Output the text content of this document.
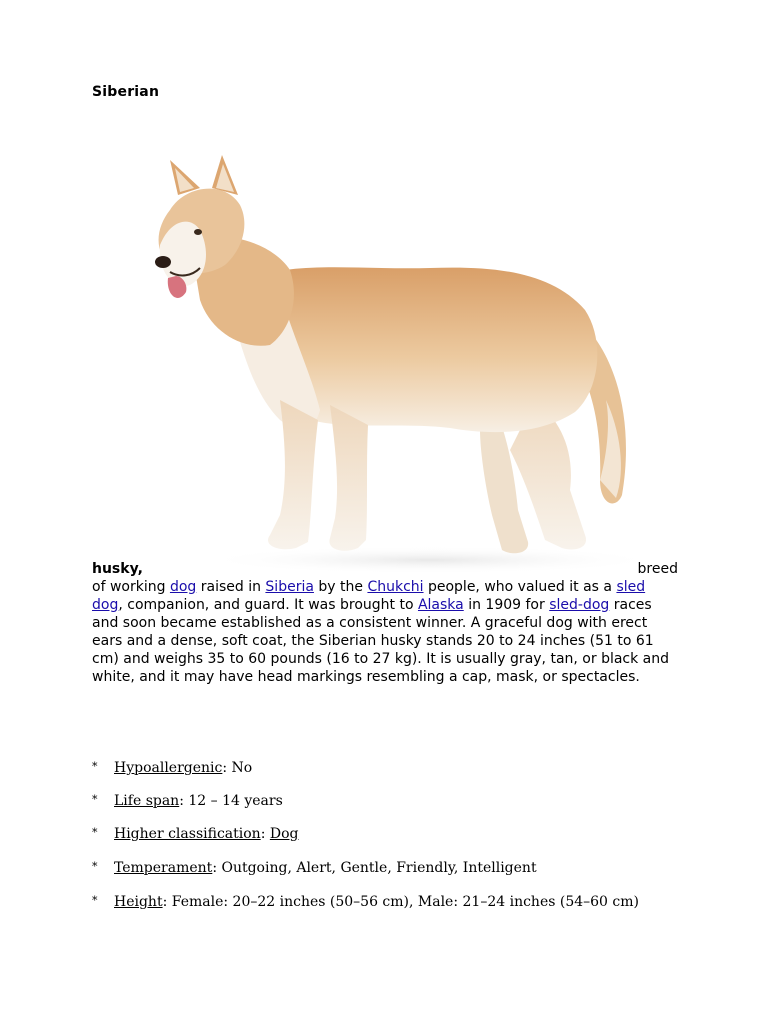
Siberian
husky,	breed
of working dog raised in Siberia by the Chukchi people, who valued it as a sled
dog, companion, and guard. It was brought to Alaska in 1909 for sled-dog races
and soon became established as a consistent winner. A graceful dog with erect
ears and a dense, soft coat, the Siberian husky stands 20 to 24 inches (51 to 61
cm) and weighs 35 to 60 pounds (16 to 27 kg). It is usually gray, tan, or black and
white, and it may have head markings resembling a cap, mask, or spectacles.
* Hypoallergenic: No
* Life span: 12 – 14 years
* Higher classification: Dog
* Temperament: Outgoing, Alert, Gentle, Friendly, Intelligent
* Height: Female: 20–22 inches (50–56 cm), Male: 21–24 inches (54–60 cm)
